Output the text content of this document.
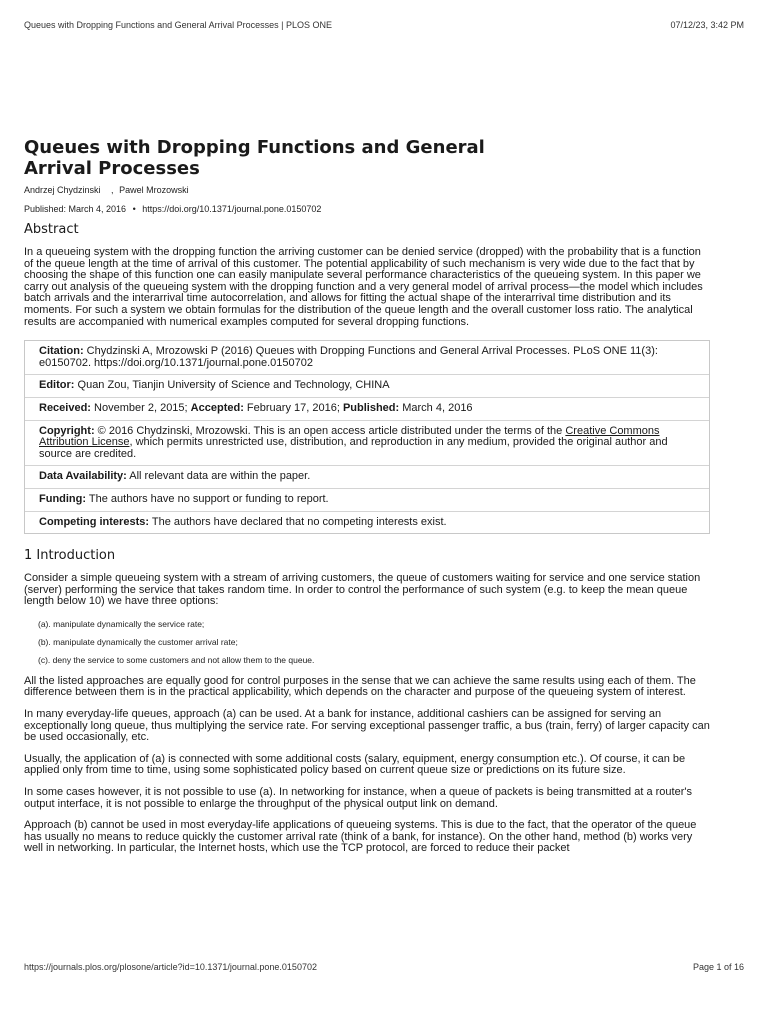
Queues with Dropping Functions and General Arrival Processes | PLOS ONE	07/12/23, 3:42 PM
Queues with Dropping Functions and General Arrival Processes
Andrzej Chydzinski , Pawel Mrozowski
Published: March 4, 2016 • https://doi.org/10.1371/journal.pone.0150702
Abstract

In a queueing system with the dropping function the arriving customer can be denied service (dropped) with the probability that is a function of the queue length at the time of arrival of this customer. The potential applicability of such mechanism is very wide due to the fact that by choosing the shape of this function one can easily manipulate several performance characteristics of the queueing system. In this paper we carry out analysis of the queueing system with the dropping function and a very general model of arrival process—the model which includes batch arrivals and the interarrival time autocorrelation, and allows for fitting the actual shape of the interarrival time distribution and its moments. For such a system we obtain formulas for the distribution of the queue length and the overall customer loss ratio. The analytical results are accompanied with numerical examples computed for several dropping functions.

Citation: Chydzinski A, Mrozowski P (2016) Queues with Dropping Functions and General Arrival Processes. PLoS ONE 11(3): e0150702. https://doi.org/10.1371/journal.pone.0150702
Editor: Quan Zou, Tianjin University of Science and Technology, CHINA
Received: November 2, 2015; Accepted: February 17, 2016; Published: March 4, 2016
Copyright: © 2016 Chydzinski, Mrozowski. This is an open access article distributed under the terms of the Creative Commons Attribution License, which permits unrestricted use, distribution, and reproduction in any medium, provided the original author and source are credited.
Data Availability: All relevant data are within the paper.
Funding: The authors have no support or funding to report.
Competing interests: The authors have declared that no competing interests exist.
1 Introduction

Consider a simple queueing system with a stream of arriving customers, the queue of customers waiting for service and one service station (server) performing the service that takes random time. In order to control the performance of such system (e.g. to keep the mean queue length below 10) we have three options:

(a). manipulate dynamically the service rate;
(b). manipulate dynamically the customer arrival rate;
(c). deny the service to some customers and not allow them to the queue.

All the listed approaches are equally good for control purposes in the sense that we can achieve the same results using each of them. The difference between them is in the practical applicability, which depends on the character and purpose of the queueing system of interest.

In many everyday-life queues, approach (a) can be used. At a bank for instance, additional cashiers can be assigned for serving an exceptionally long queue, thus multiplying the service rate. For serving exceptional passenger traffic, a bus (train, ferry) of larger capacity can be used occasionally, etc.

Usually, the application of (a) is connected with some additional costs (salary, equipment, energy consumption etc.). Of course, it can be applied only from time to time, using some sophisticated policy based on current queue size or predictions on its future size.

In some cases however, it is not possible to use (a). In networking for instance, when a queue of packets is being transmitted at a router's output interface, it is not possible to enlarge the throughput of the physical output link on demand.

Approach (b) cannot be used in most everyday-life applications of queueing systems. This is due to the fact, that the operator of the queue has usually no means to reduce quickly the customer arrival rate (think of a bank, for instance). On the other hand, method (b) works very well in networking. In particular, the Internet hosts, which use the TCP protocol, are forced to reduce their packet

https://journals.plos.org/plosone/article?id=10.1371/journal.pone.0150702	Page 1 of 16
